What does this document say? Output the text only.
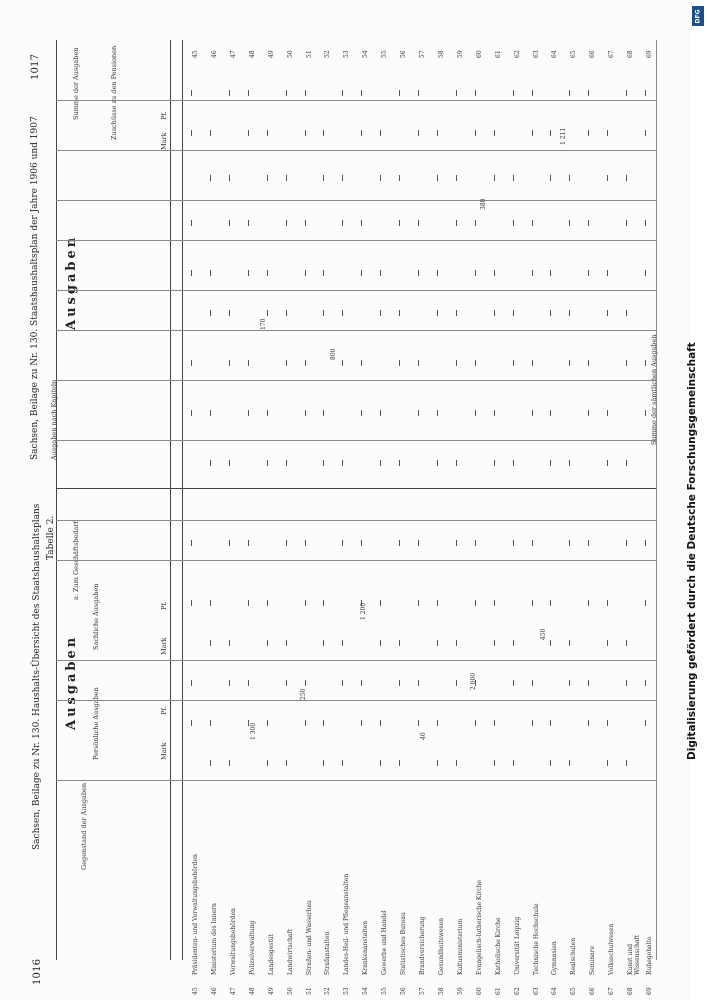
1016
Sachsen, Beilage zu Nr. 130. Haushalts-Übersicht des Staatshaushaltsplans Tabelle 2.
Ausgaben
Gegenstand der Ausgaben
Persönliche Ausgaben
Sachliche Ausgaben
a. Zum Geschäftsbedarf
Mark
Pf.
Mark
Pf.
1017
Sachsen, Beilage zu Nr. 130. Staatshaushaltsplan der Jahre 1906 und 1907 Ausgaben
Ausgaben nach Kapiteln
Summe der Ausgaben	Zuschüsse zu den Pensionen
Mark
Pf.
Summe der sämtlichen Ausgaben
45
Präsidenten- und Verwaltungsbehörden
45
46
Ministerium des Innern
46
47
Verwaltungsbehörden
47
48
Polizeiverwaltung
48
49
Landesgestüt
49
50
Landwirtschaft
50
51
Straßen- und Wasserbau
51
52
Strafanstalten
52
53
Landes-Heil- und Pflegeanstalten
53
54
Krankenanstalten
54
55
Gewerbe und Handel
55
56
Statistisches Bureau
56
57
Brandversicherung
57
58
Gesundheitswesen
58
59
Kultusministerium
59
60
Evangelisch-lutherische Kirche
60
61
Katholische Kirche
61
62
Universität Leipzig
62
63
Technische Hochschule
63
64
Gymnasien
64
65
Realschulen
65
66
Seminare
66
67
Volksschulwesen
67
68
Kunst und Wissenschaft
68
69
Ruhegehalte
69
1 300
250
1 200
40
2 000
450
170
800
380
1 211
DFG
Digitalisierung gefördert durch die Deutsche Forschungsgemeinschaft
